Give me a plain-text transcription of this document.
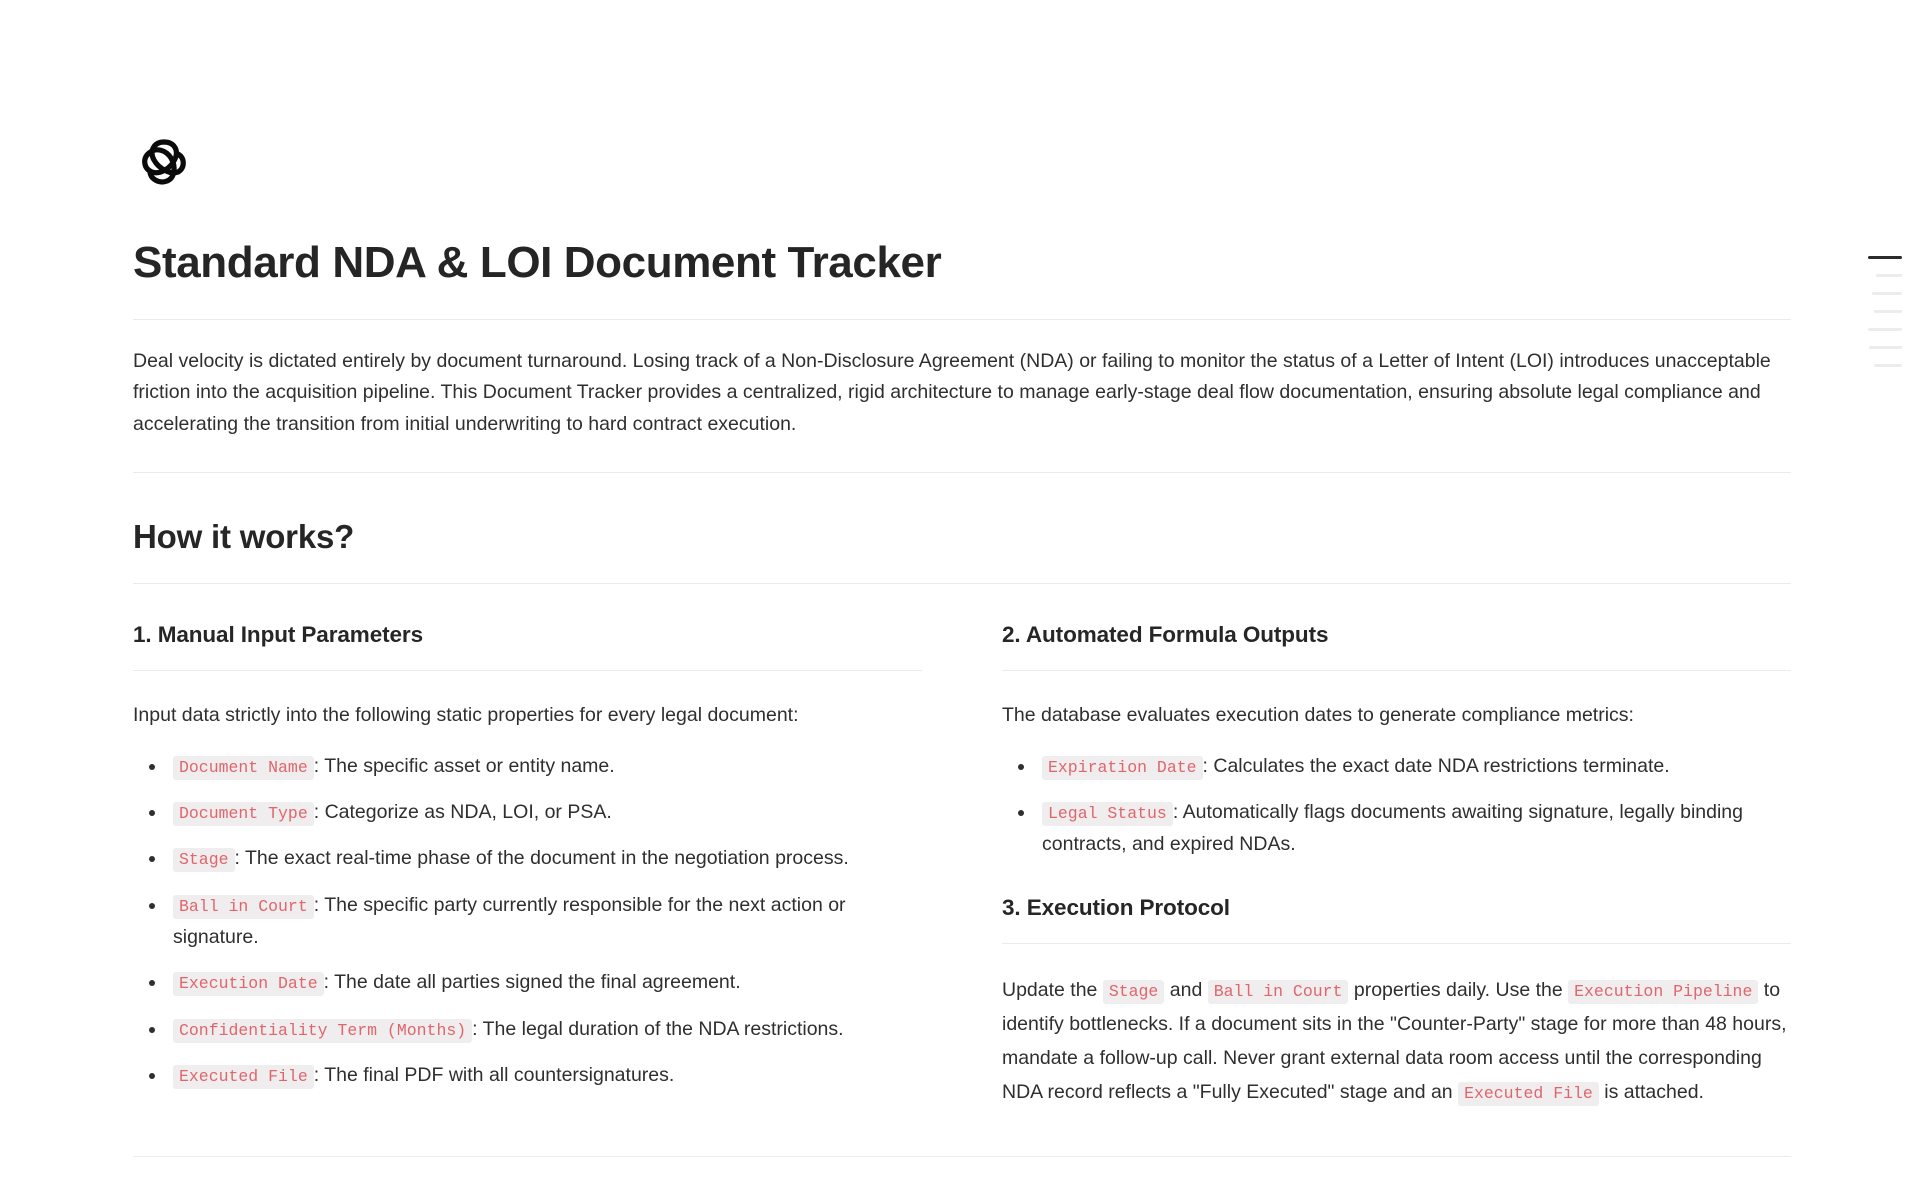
Standard NDA & LOI Document Tracker

Deal velocity is dictated entirely by document turnaround. Losing track of a Non-Disclosure Agreement (NDA) or failing to monitor the status of a Letter of Intent (LOI) introduces unacceptable friction into the acquisition pipeline. This Document Tracker provides a centralized, rigid architecture to manage early-stage deal flow documentation, ensuring absolute legal compliance and accelerating the transition from initial underwriting to hard contract execution.

How it works?
1. Manual Input Parameters

Input data strictly into the following static properties for every legal document:

Document Name : The specific asset or entity name.
Document Type : Categorize as NDA, LOI, or PSA.
Stage : The exact real-time phase of the document in the negotiation process.
Ball in Court : The specific party currently responsible for the next action or signature.
Execution Date : The date all parties signed the final agreement.
Confidentiality Term (Months) : The legal duration of the NDA restrictions.
Executed File : The final PDF with all countersignatures.
2. Automated Formula Outputs

The database evaluates execution dates to generate compliance metrics:

Expiration Date : Calculates the exact date NDA restrictions terminate.
Legal Status : Automatically flags documents awaiting signature, legally binding contracts, and expired NDAs.
3. Execution Protocol

Update the Stage and Ball in Court properties daily. Use the Execution Pipeline to identify bottlenecks. If a document sits in the "Counter-Party" stage for more than 48 hours, mandate a follow-up call. Never grant external data room access until the corresponding NDA record reflects a "Fully Executed" stage and an Executed File is attached.
